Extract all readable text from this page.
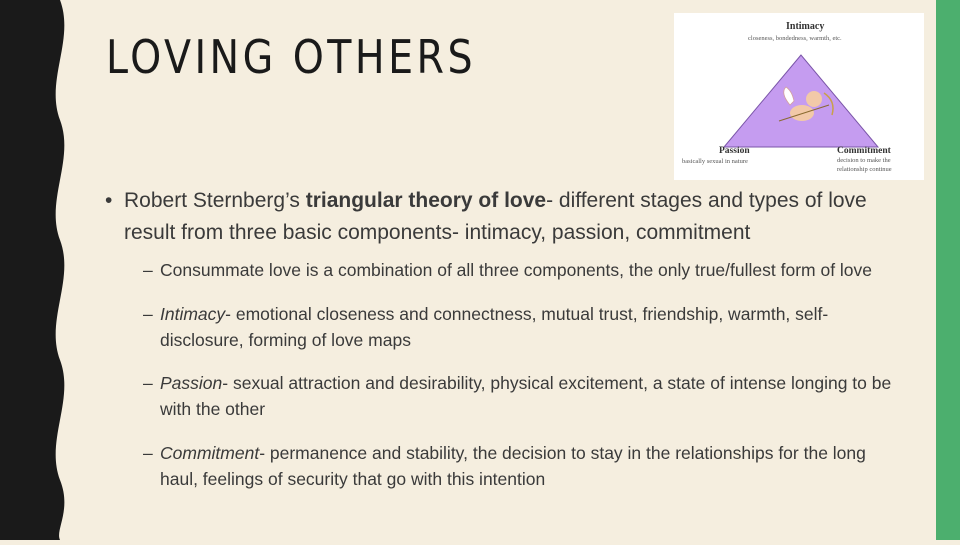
LOVING OTHERS
Intimacy
closeness, bondedness, warmth, etc.
Passion
basically sexual in nature
Commitment
decision to make the
relationship continue

• Robert Sternberg’s triangular theory of love- different stages and types of love result from three basic components- intimacy, passion, commitment

– Consummate love is a combination of all three components, the only true/fullest form of love

– Intimacy- emotional closeness and connectness, mutual trust, friendship, warmth, self-disclosure, forming of love maps

– Passion- sexual attraction and desirability, physical excitement, a state of intense longing to be with the other

– Commitment- permanence and stability, the decision to stay in the relationships for the long haul, feelings of security that go with this intention
